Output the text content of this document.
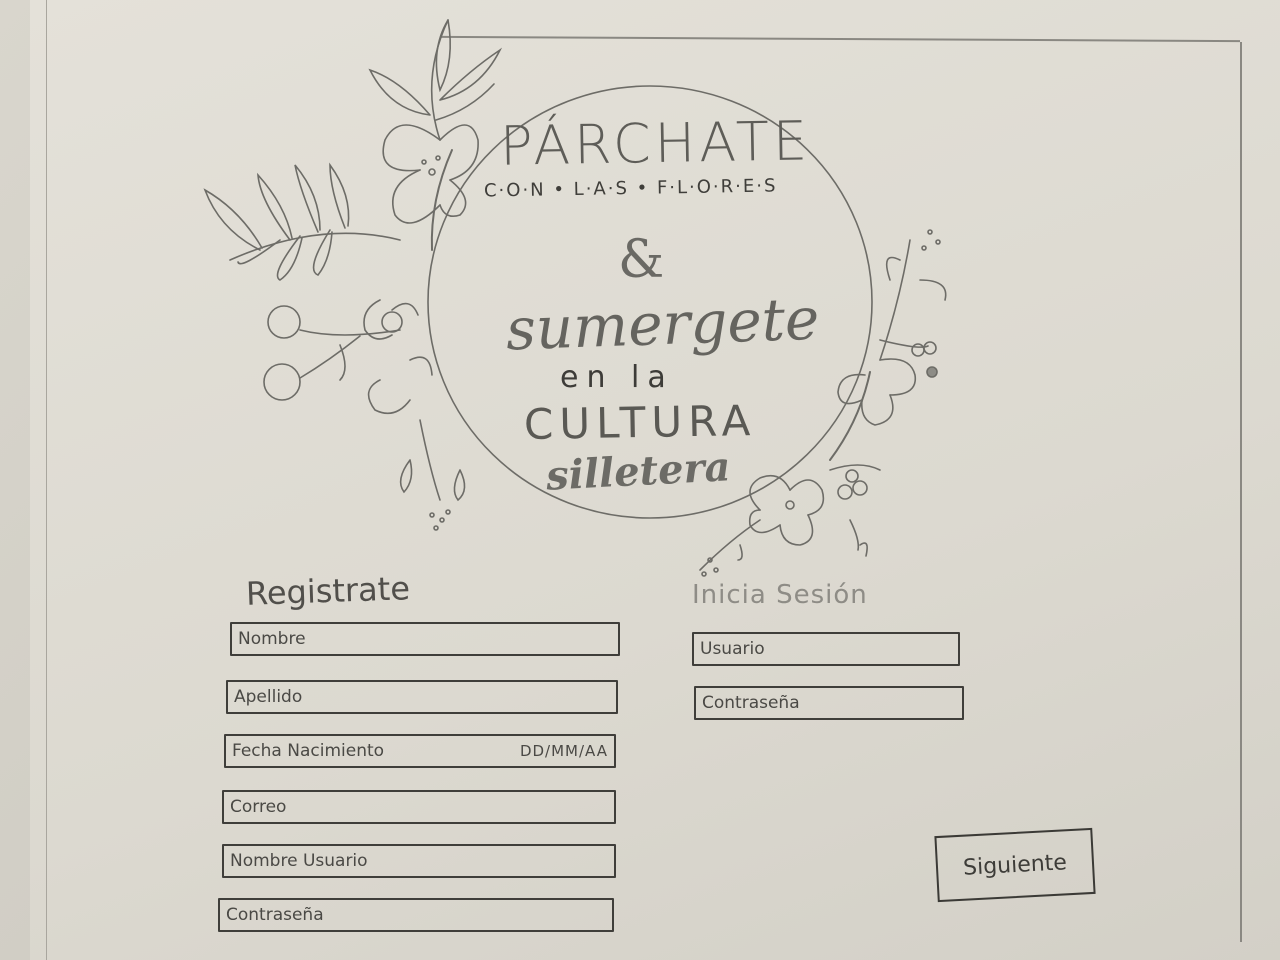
PÁRCHATE
C·O·N • L·A·S • F·L·O·R·E·S
&
sumergete
en la
CULTURA
silletera
Registrate
Nombre
Apellido
Fecha Nacimiento	DD/MM/AA
Correo
Nombre Usuario
Contraseña
Inicia Sesión
Usuario
Contraseña
Siguiente
